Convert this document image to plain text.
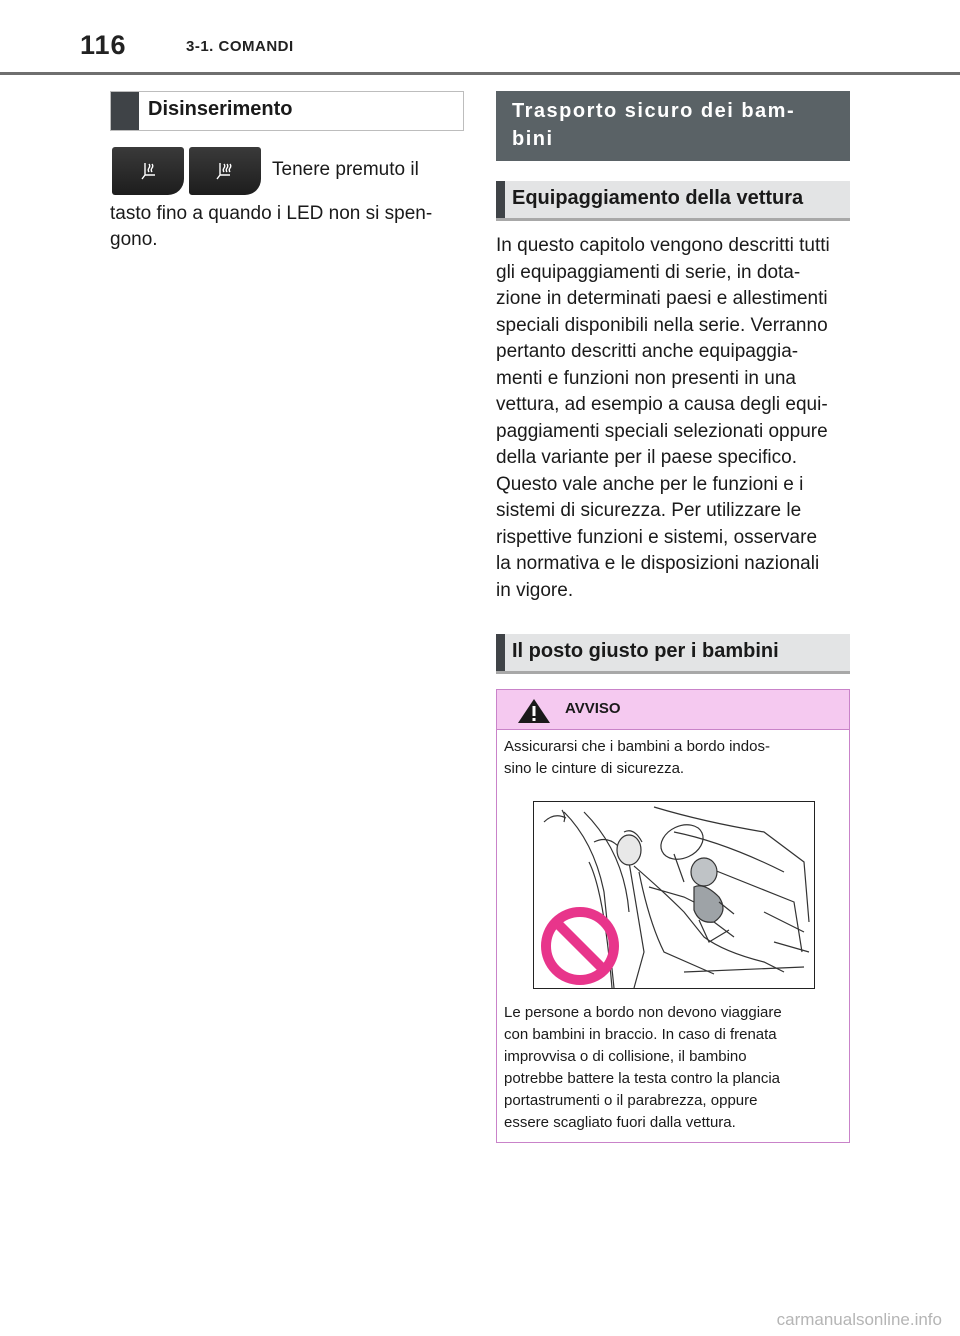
116	3-1. COMANDI
Disinserimento
Tenere premuto il
tasto fino a quando i LED non si spen-
gono.
Trasporto sicuro dei bam-
bini
Equipaggiamento della vettura
In questo capitolo vengono descritti tutti
gli equipaggiamenti di serie, in dota-
zione in determinati paesi e allestimenti
speciali disponibili nella serie. Verranno
pertanto descritti anche equipaggia-
menti e funzioni non presenti in una
vettura, ad esempio a causa degli equi-
paggiamenti speciali selezionati oppure
della variante per il paese specifico.
Questo vale anche per le funzioni e i
sistemi di sicurezza. Per utilizzare le
rispettive funzioni e sistemi, osservare
la normativa e le disposizioni nazionali
in vigore.
Il posto giusto per i bambini
AVVISO
Assicurarsi che i bambini a bordo indos-
sino le cinture di sicurezza.
Le persone a bordo non devono viaggiare
con bambini in braccio. In caso di frenata
improvvisa o di collisione, il bambino
potrebbe battere la testa contro la plancia
portastrumenti o il parabrezza, oppure
essere scagliato fuori dalla vettura.
carmanualsonline.info
